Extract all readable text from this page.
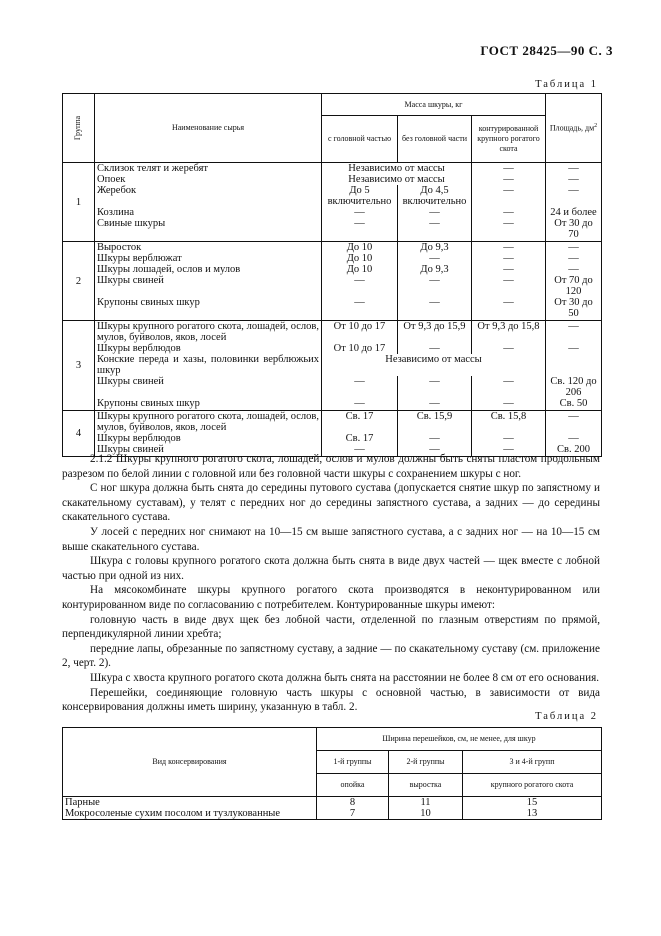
ГОСТ 28425—90 С. 3
Таблица 1
Группа	Наименование сырья	Масса шкуры, кг			Площадь, $дм^2$
		с головной частью	без головной части	контурированной крупного рогатого скота	
1	Склизок телят и жеребят	Независимо от массы		—	—
	Опоек	Независимо от массы		—	—
	Жеребок	До 5 включительно	До 4,5 включительно	—	—
	Козлина	—	—	—	24 и более
	Свиные шкуры	—	—	—	От 30 до 70
2	Выросток	До 10	До 9,3	—	—
	Шкуры верблюжат	До 10	—	—	—
	Шкуры лошадей, ослов и мулов	До 10	До 9,3	—	—
	Шкуры свиней	—	—	—	От 70 до 120
	Крупоны свиных шкур	—	—	—	От 30 до 50
3	Шкуры крупного рогатого скота, лошадей, ослов, мулов, буйволов, яков, лосей	От 10 до 17	От 9,3 до 15,9	От 9,3 до 15,8	—
	Шкуры верблюдов	От 10 до 17	—	—	—
	Конские переда и хазы, половинки верблюжьих шкур	Независимо от массы			
	Шкуры свиней	—	—	—	Св. 120 до 206
	Крупоны свиных шкур	—	—	—	Св. 50
4	Шкуры крупного рогатого скота, лошадей, ослов, мулов, буйволов, яков, лосей	Св. 17	Св. 15,9	Св. 15,8	—
	Шкуры верблюдов	Св. 17	—	—	—
	Шкуры свиней	—	—	—	Св. 200

2.1.2 Шкуры крупного рогатого скота, лошадей, ослов и мулов должны быть сняты пластом продольным разрезом по белой линии с головной или без головной части шкуры с сохранением шкуры с ног.

С ног шкура должна быть снята до середины путового сустава (допускается снятие шкур по запястному и скакательному суставам), у телят с передних ног до середины запястного сустава, а задних — до середины скакательного сустава.

У лосей с передних ног снимают на 10—15 см выше запястного сустава, а с задних ног — на 10—15 см выше скакательного сустава.

Шкура с головы крупного рогатого скота должна быть снята в виде двух частей — щек вместе с лобной частью при одной из них.

На мясокомбинате шкуры крупного рогатого скота производятся в неконтурированном или контурированном виде по согласованию с потребителем. Контурированные шкуры имеют:

головную часть в виде двух щек без лобной части, отделенной по глазным отверстиям по прямой, перпендикулярной линии хребта;

передние лапы, обрезанные по запястному суставу, а задние — по скакательному суставу (см. приложение 2, черт. 2).

Шкура с хвоста крупного рогатого скота должна быть снята на расстоянии не более 8 см от его основания.

Перешейки, соединяющие головную часть шкуры с основной частью, в зависимости от вида консервирования должны иметь ширину, указанную в табл. 2.

Таблица 2
Вид консервирования	Ширина перешейков, см, не менее, для шкур		
	1-й группы	2-й группы	3 и 4-й групп
	опойка	выростка	крупного рогатого скота
Парные	8	11	15
Мокросоленые сухим посолом и тузлукованные	7	10	13
